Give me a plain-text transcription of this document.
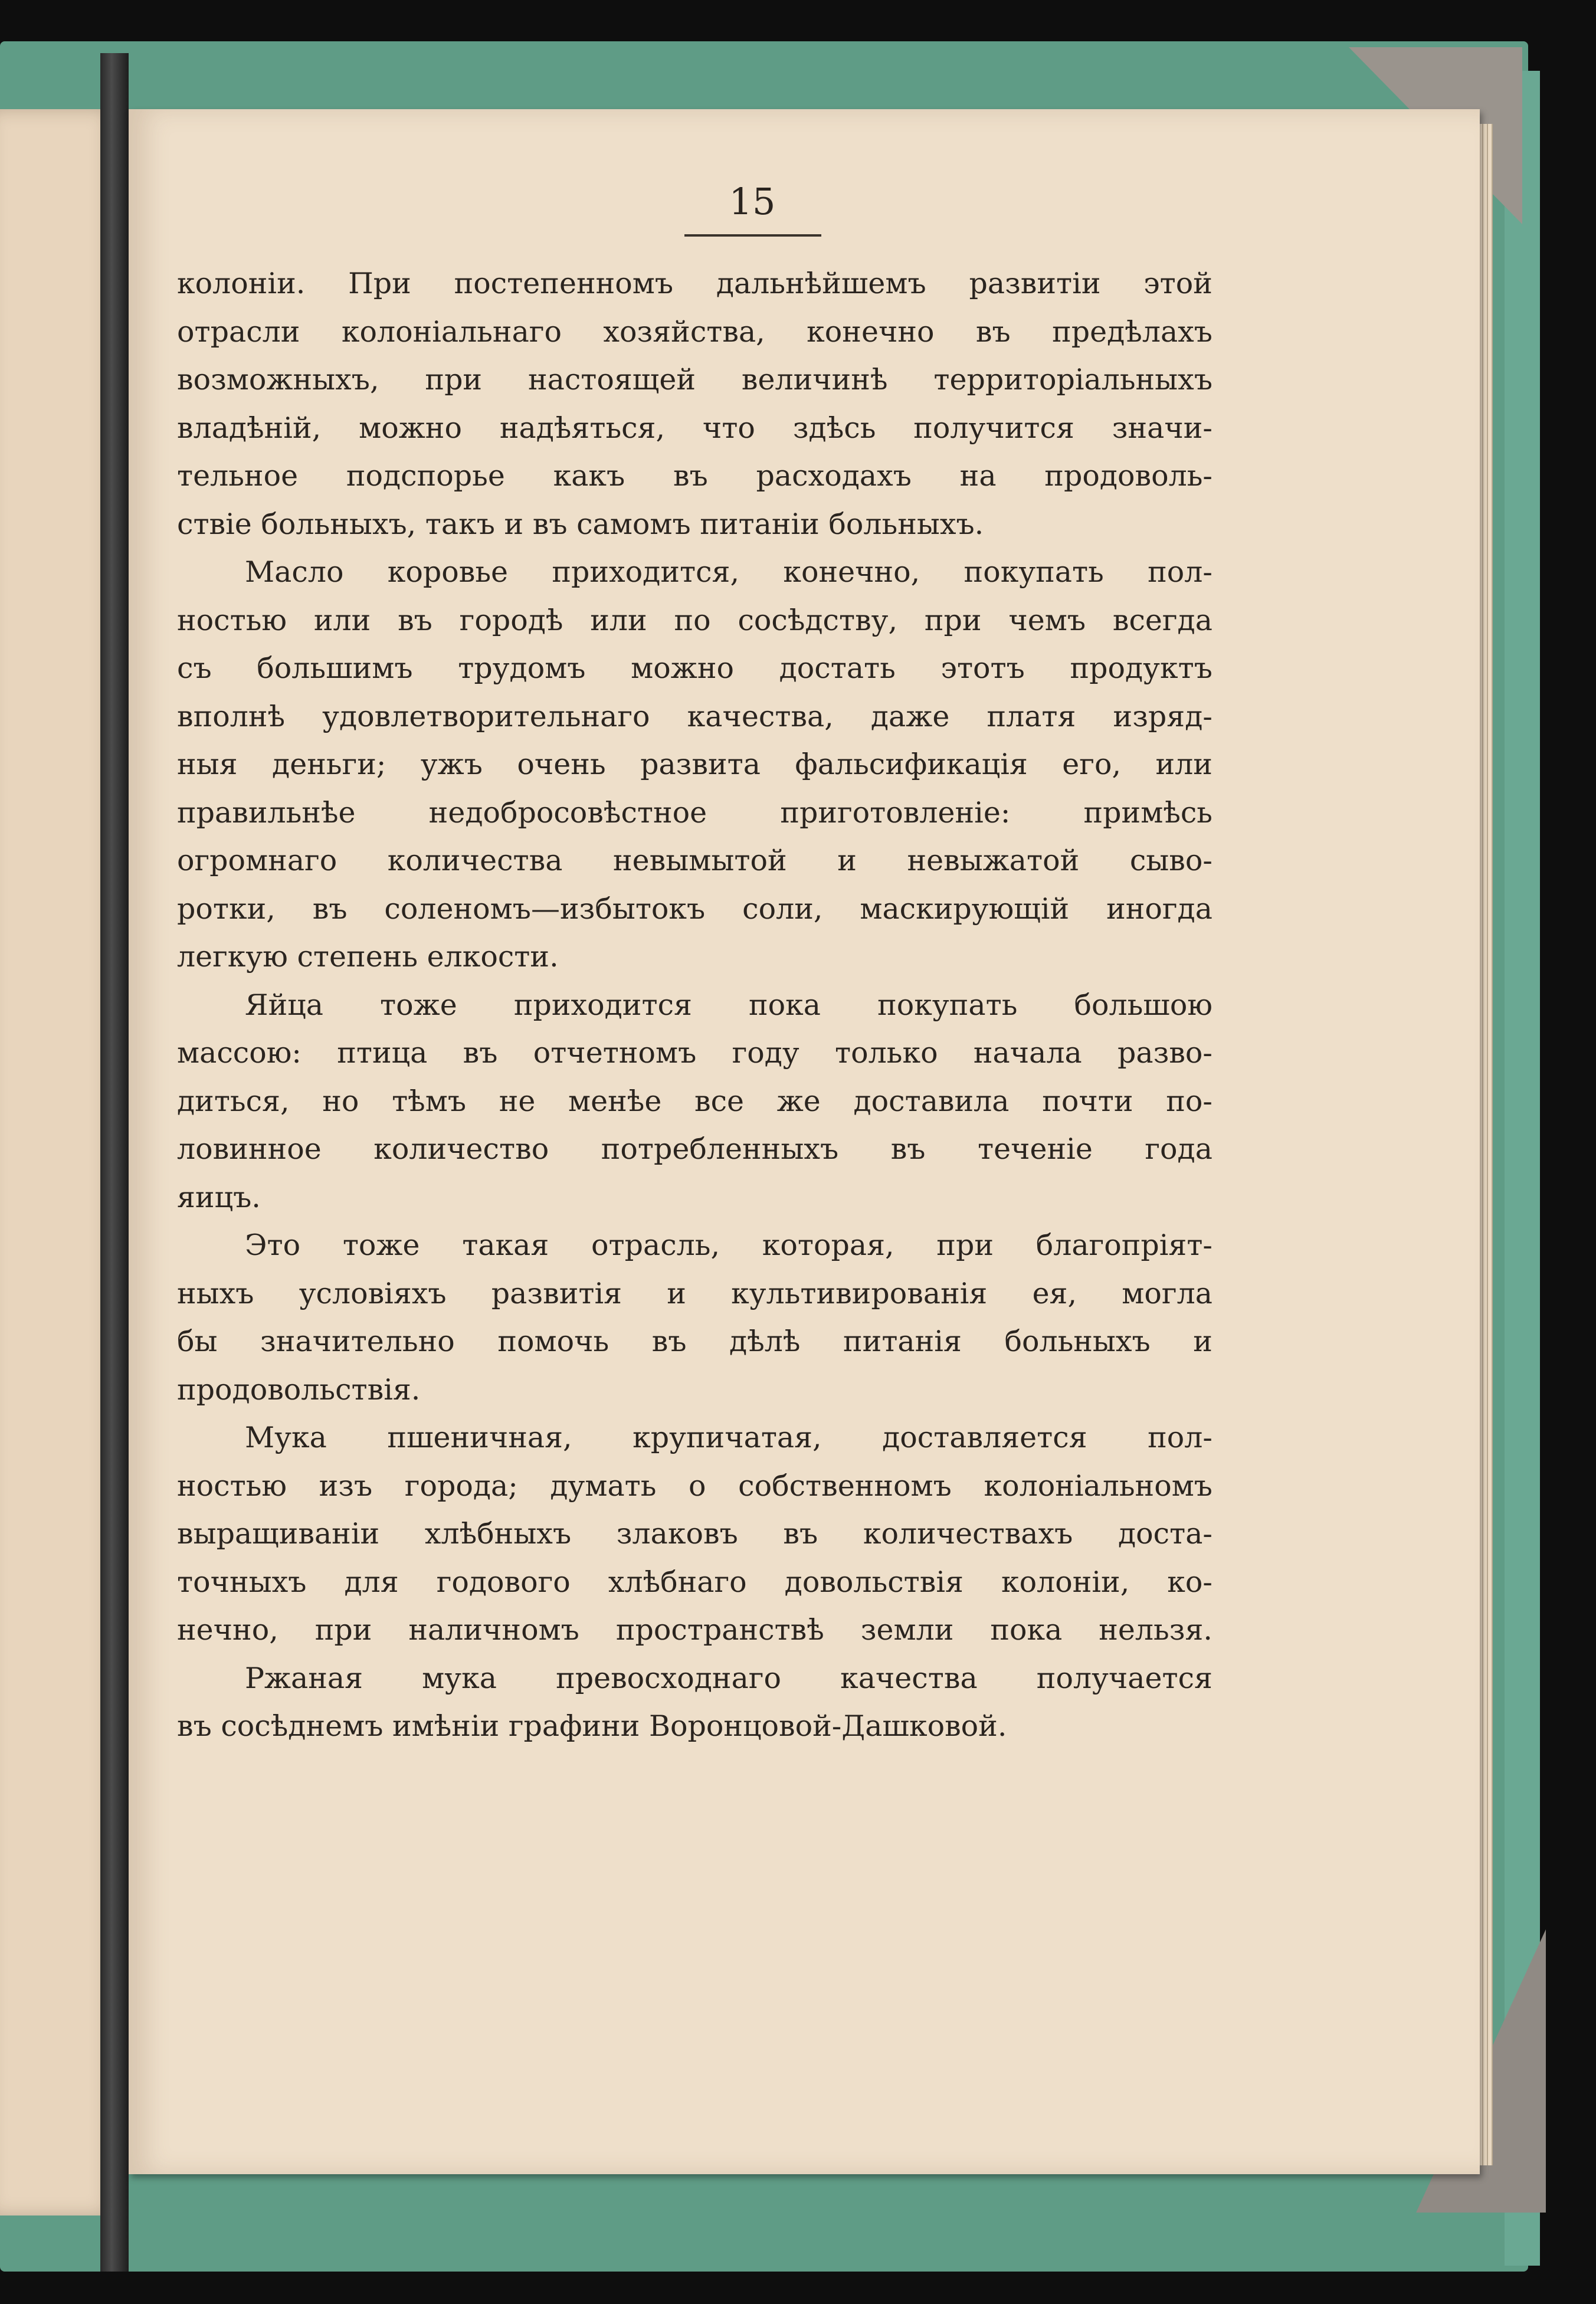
15
колоніи. При постепенномъ дальнѣйшемъ развитіи этой
отрасли колоніальнаго хозяйства, конечно въ предѣлахъ
возможныхъ, при настоящей величинѣ территоріальныхъ
владѣній, можно надѣяться, что здѣсь получится значи-
тельное подспорье какъ въ расходахъ на продоволь-
ствіе больныхъ, такъ и въ самомъ питаніи больныхъ.
Масло коровье приходится, конечно, покупать пол-
ностью или въ городѣ или по сосѣдству, при чемъ всегда
съ большимъ трудомъ можно достать этотъ продуктъ
вполнѣ удовлетворительнаго качества, даже платя изряд-
ныя деньги; ужъ очень развита фальсификація его, или
правильнѣе	недобросовѣстное	приготовленіе:	примѣсь
огромнаго количества невымытой и невыжатой сыво-
ротки, въ соленомъ—избытокъ соли, маскирующій иногда
легкую степень елкости.
Яйца тоже приходится пока покупать большою
массою: птица въ отчетномъ году только начала разво-
диться, но тѣмъ не менѣе все же доставила почти по-
ловинное количество потребленныхъ въ теченіе года
яицъ.
Это тоже такая отрасль, которая, при благопріят-
ныхъ условіяхъ развитія и культивированія ея, могла
бы значительно помочь въ дѣлѣ питанія больныхъ и
продовольствія.
Мука пшеничная, крупичатая, доставляется пол-
ностью изъ города; думать о собственномъ колоніальномъ
выращиваніи хлѣбныхъ злаковъ въ количествахъ доста-
точныхъ для годового хлѣбнаго довольствія колоніи, ко-
нечно, при наличномъ пространствѣ земли пока нельзя.
Ржаная мука превосходнаго качества получается
въ сосѣднемъ имѣніи графини Воронцовой-Дашковой.
